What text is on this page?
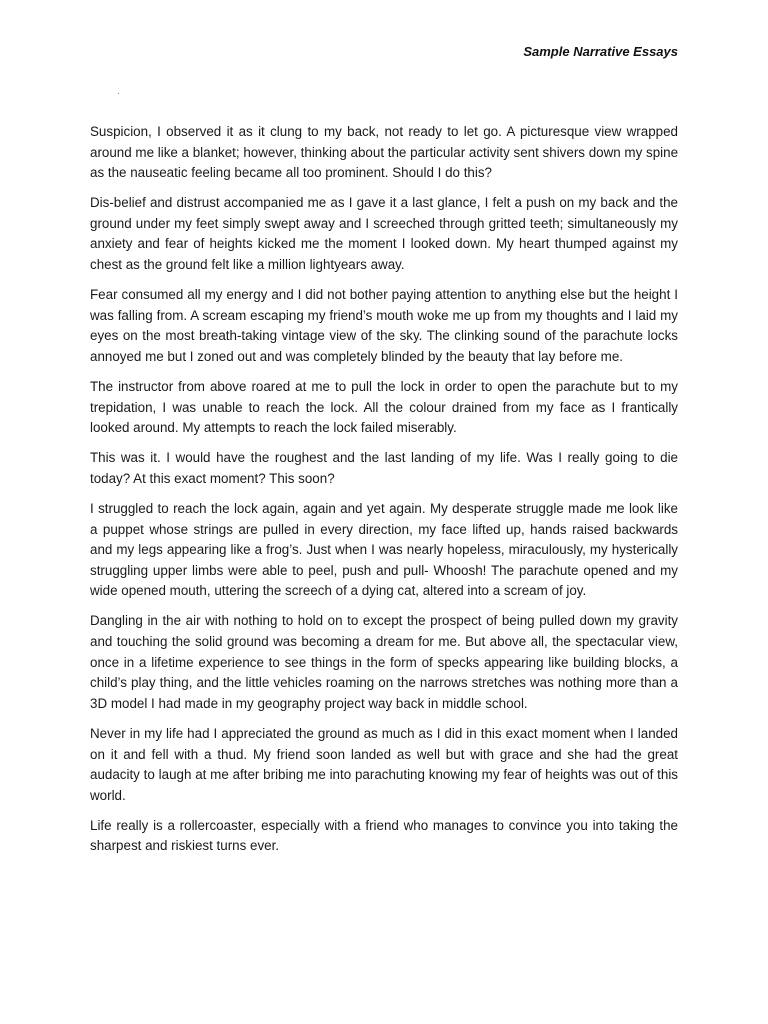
Sample Narrative Essays
.

Suspicion, I observed it as it clung to my back, not ready to let go. A picturesque view wrapped around me like a blanket; however, thinking about the particular activity sent shivers down my spine as the nauseatic feeling became all too prominent. Should I do this?

Dis-belief and distrust accompanied me as I gave it a last glance, I felt a push on my back and the ground under my feet simply swept away and I screeched through gritted teeth; simultaneously my anxiety and fear of heights kicked me the moment I looked down. My heart thumped against my chest as the ground felt like a million lightyears away.

Fear consumed all my energy and I did not bother paying attention to anything else but the height I was falling from. A scream escaping my friend’s mouth woke me up from my thoughts and I laid my eyes on the most breath-taking vintage view of the sky. The clinking sound of the parachute locks annoyed me but I zoned out and was completely blinded by the beauty that lay before me.

The instructor from above roared at me to pull the lock in order to open the parachute but to my trepidation, I was unable to reach the lock. All the colour drained from my face as I frantically looked around. My attempts to reach the lock failed miserably.

This was it. I would have the roughest and the last landing of my life. Was I really going to die today? At this exact moment? This soon?

I struggled to reach the lock again, again and yet again. My desperate struggle made me look like a puppet whose strings are pulled in every direction, my face lifted up, hands raised backwards and my legs appearing like a frog’s. Just when I was nearly hopeless, miraculously, my hysterically struggling upper limbs were able to peel, push and pull- Whoosh! The parachute opened and my wide opened mouth, uttering the screech of a dying cat, altered into a scream of joy.

Dangling in the air with nothing to hold on to except the prospect of being pulled down my gravity and touching the solid ground was becoming a dream for me. But above all, the spectacular view, once in a lifetime experience to see things in the form of specks appearing like building blocks, a child’s play thing, and the little vehicles roaming on the narrows stretches was nothing more than a 3D model I had made in my geography project way back in middle school.

Never in my life had I appreciated the ground as much as I did in this exact moment when I landed on it and fell with a thud. My friend soon landed as well but with grace and she had the great audacity to laugh at me after bribing me into parachuting knowing my fear of heights was out of this world.

Life really is a rollercoaster, especially with a friend who manages to convince you into taking the sharpest and riskiest turns ever.
